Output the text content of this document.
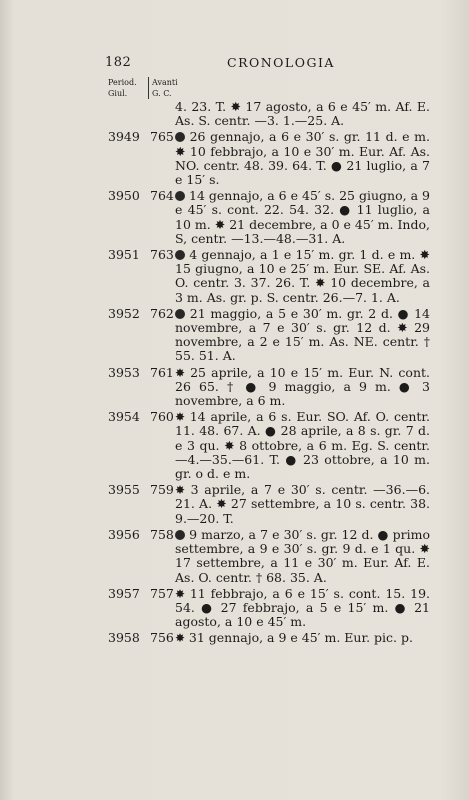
182	CRONOLOGIA
Period. Giul.
Avanti G. C.
4. 23. T. ✸ 17 agosto, a 6 e 45′ m. Af. E. As. S. centr. —3. 1.—25. A.
3949 765 26 gennajo, a 6 e 30′ s. gr. 11 d. e m. ✸ 10 febbrajo, a 10 e 30′ m. Eur. Af. As. NO. centr. 48. 39. 64. T. ● 21 luglio, a 7 e 15′ s.
3950 764 14 gennajo, a 6 e 45′ s. 25 giugno, a 9 e 45′ s. cont. 22. 54. 32. ● 11 luglio, a 10 m. ✸ 21 decembre, a 0 e 45′ m. Indo, S, centr. —13.—48.—31. A.
3951 763 4 gennajo, a 1 e 15′ m. gr. 1 d. e m. ✸ 15 giugno, a 10 e 25′ m. Eur. SE. Af. As. O. centr. 3. 37. 26. T. ✸ 10 decembre, a 3 m. As. gr. p. S. centr. 26.—7. 1. A.
3952 762 21 maggio, a 5 e 30′ m. gr. 2 d. ● 14 novembre, a 7 e 30′ s. gr. 12 d. ✸ 29 novembre, a 2 e 15′ m. As. NE. centr. † 55. 51. A.
3953 761 ✸ 25 aprile, a 10 e 15′ m. Eur. N. cont. 26 65. † ● 9 maggio, a 9 m. ● 3 novembre, a 6 m.
3954 760 ✸ 14 aprile, a 6 s. Eur. SO. Af. O. centr. 11. 48. 67. A. ● 28 aprile, a 8 s. gr. 7 d. e 3 qu. ✸ 8 ottobre, a 6 m. Eg. S. centr.—4.—35.—61. T. ● 23 ottobre, a 10 m. gr. o d. e m.
3955 759 ✸ 3 aprile, a 7 e 30′ s. centr. —36.—6. 21. A. ✸ 27 settembre, a 10 s. centr. 38. 9.—20. T.
3956 758 9 marzo, a 7 e 30′ s. gr. 12 d. ● primo settembre, a 9 e 30′ s. gr. 9 d. e 1 qu. ✸ 17 settembre, a 11 e 30′ m. Eur. Af. E. As. O. centr. † 68. 35. A.
3957 757 ✸ 11 febbrajo, a 6 e 15′ s. cont. 15. 19. 54. ● 27 febbrajo, a 5 e 15′ m. ● 21 agosto, a 10 e 45′ m.
3958 756 ✸ 31 gennajo, a 9 e 45′ m. Eur. pic. p.
